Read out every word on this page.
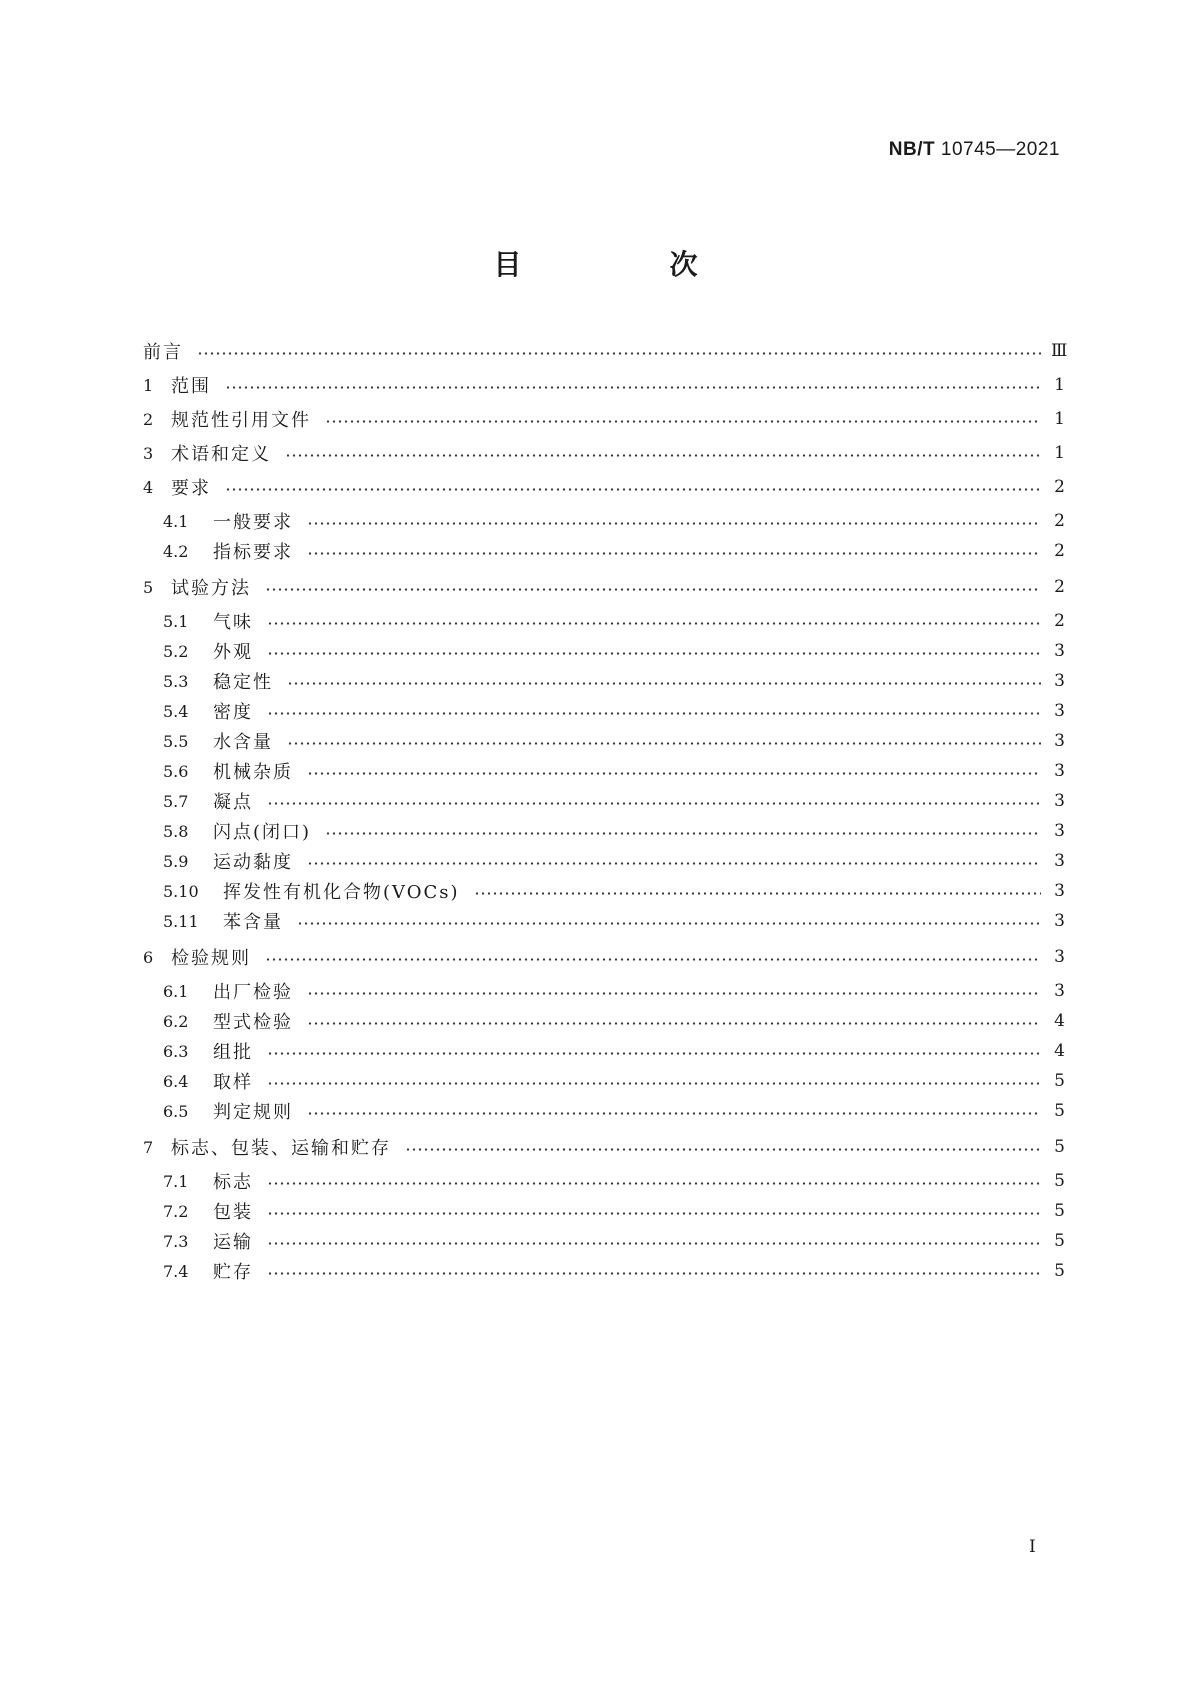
NB/T 10745—2021
目　次
前言	Ⅲ
1 范围	1
2 规范性引用文件	1
3 术语和定义	1
4 要求	2
4.1	一般要求	2
4.2	指标要求	2
5 试验方法	2
5.1	气味	2
5.2	外观	3
5.3	稳定性	3
5.4	密度	3
5.5	水含量	3
5.6	机械杂质	3
5.7	凝点	3
5.8	闪点(闭口)	3
5.9	运动黏度	3
5.10	挥发性有机化合物(VOCs)	3
5.11	苯含量	3
6 检验规则	3
6.1	出厂检验	3
6.2	型式检验	4
6.3	组批	4
6.4	取样	5
6.5	判定规则	5
7 标志、包装、运输和贮存	5
7.1	标志	5
7.2	包装	5
7.3	运输	5
7.4	贮存	5
I
